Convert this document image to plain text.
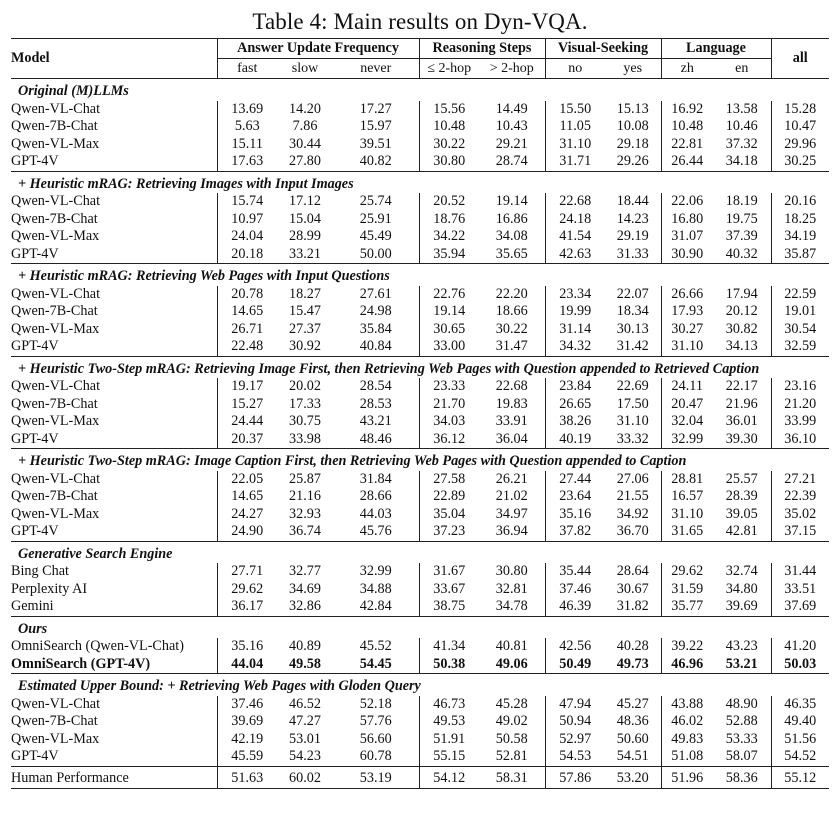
Table 4: Main results on Dyn-VQA.
Model	Answer Update Frequency			Reasoning Steps		Visual-Seeking		Language		all
	fast	slow	never	≤ 2-hop	> 2-hop	no	yes	zh	en	
Original (M)LLMs										
Qwen-VL-Chat	13.69	14.20	17.27	15.56	14.49	15.50	15.13	16.92	13.58	15.28
Qwen-7B-Chat	5.63	7.86	15.97	10.48	10.43	11.05	10.08	10.48	10.46	10.47
Qwen-VL-Max	15.11	30.44	39.51	30.22	29.21	31.10	29.18	22.81	37.32	29.96
GPT-4V	17.63	27.80	40.82	30.80	28.74	31.71	29.26	26.44	34.18	30.25
+ Heuristic mRAG: Retrieving Images with Input Images										
Qwen-VL-Chat	15.74	17.12	25.74	20.52	19.14	22.68	18.44	22.06	18.19	20.16
Qwen-7B-Chat	10.97	15.04	25.91	18.76	16.86	24.18	14.23	16.80	19.75	18.25
Qwen-VL-Max	24.04	28.99	45.49	34.22	34.08	41.54	29.19	31.07	37.39	34.19
GPT-4V	20.18	33.21	50.00	35.94	35.65	42.63	31.33	30.90	40.32	35.87
+ Heuristic mRAG: Retrieving Web Pages with Input Questions										
Qwen-VL-Chat	20.78	18.27	27.61	22.76	22.20	23.34	22.07	26.66	17.94	22.59
Qwen-7B-Chat	14.65	15.47	24.98	19.14	18.66	19.99	18.34	17.93	20.12	19.01
Qwen-VL-Max	26.71	27.37	35.84	30.65	30.22	31.14	30.13	30.27	30.82	30.54
GPT-4V	22.48	30.92	40.84	33.00	31.47	34.32	31.42	31.10	34.13	32.59
+ Heuristic Two-Step mRAG: Retrieving Image First, then Retrieving Web Pages with Question appended to Retrieved Caption										
Qwen-VL-Chat	19.17	20.02	28.54	23.33	22.68	23.84	22.69	24.11	22.17	23.16
Qwen-7B-Chat	15.27	17.33	28.53	21.70	19.83	26.65	17.50	20.47	21.96	21.20
Qwen-VL-Max	24.44	30.75	43.21	34.03	33.91	38.26	31.10	32.04	36.01	33.99
GPT-4V	20.37	33.98	48.46	36.12	36.04	40.19	33.32	32.99	39.30	36.10
+ Heuristic Two-Step mRAG: Image Caption First, then Retrieving Web Pages with Question appended to Caption										
Qwen-VL-Chat	22.05	25.87	31.84	27.58	26.21	27.44	27.06	28.81	25.57	27.21
Qwen-7B-Chat	14.65	21.16	28.66	22.89	21.02	23.64	21.55	16.57	28.39	22.39
Qwen-VL-Max	24.27	32.93	44.03	35.04	34.97	35.16	34.92	31.10	39.05	35.02
GPT-4V	24.90	36.74	45.76	37.23	36.94	37.82	36.70	31.65	42.81	37.15
Generative Search Engine										
Bing Chat	27.71	32.77	32.99	31.67	30.80	35.44	28.64	29.62	32.74	31.44
Perplexity AI	29.62	34.69	34.88	33.67	32.81	37.46	30.67	31.59	34.80	33.51
Gemini	36.17	32.86	42.84	38.75	34.78	46.39	31.82	35.77	39.69	37.69
Ours										
OmniSearch (Qwen-VL-Chat)	35.16	40.89	45.52	41.34	40.81	42.56	40.28	39.22	43.23	41.20
OmniSearch (GPT-4V)	44.04	49.58	54.45	50.38	49.06	50.49	49.73	46.96	53.21	50.03
Estimated Upper Bound: + Retrieving Web Pages with Gloden Query										
Qwen-VL-Chat	37.46	46.52	52.18	46.73	45.28	47.94	45.27	43.88	48.90	46.35
Qwen-7B-Chat	39.69	47.27	57.76	49.53	49.02	50.94	48.36	46.02	52.88	49.40
Qwen-VL-Max	42.19	53.01	56.60	51.91	50.58	52.97	50.60	49.83	53.33	51.56
GPT-4V	45.59	54.23	60.78	55.15	52.81	54.53	54.51	51.08	58.07	54.52
Human Performance	51.63	60.02	53.19	54.12	58.31	57.86	53.20	51.96	58.36	55.12
